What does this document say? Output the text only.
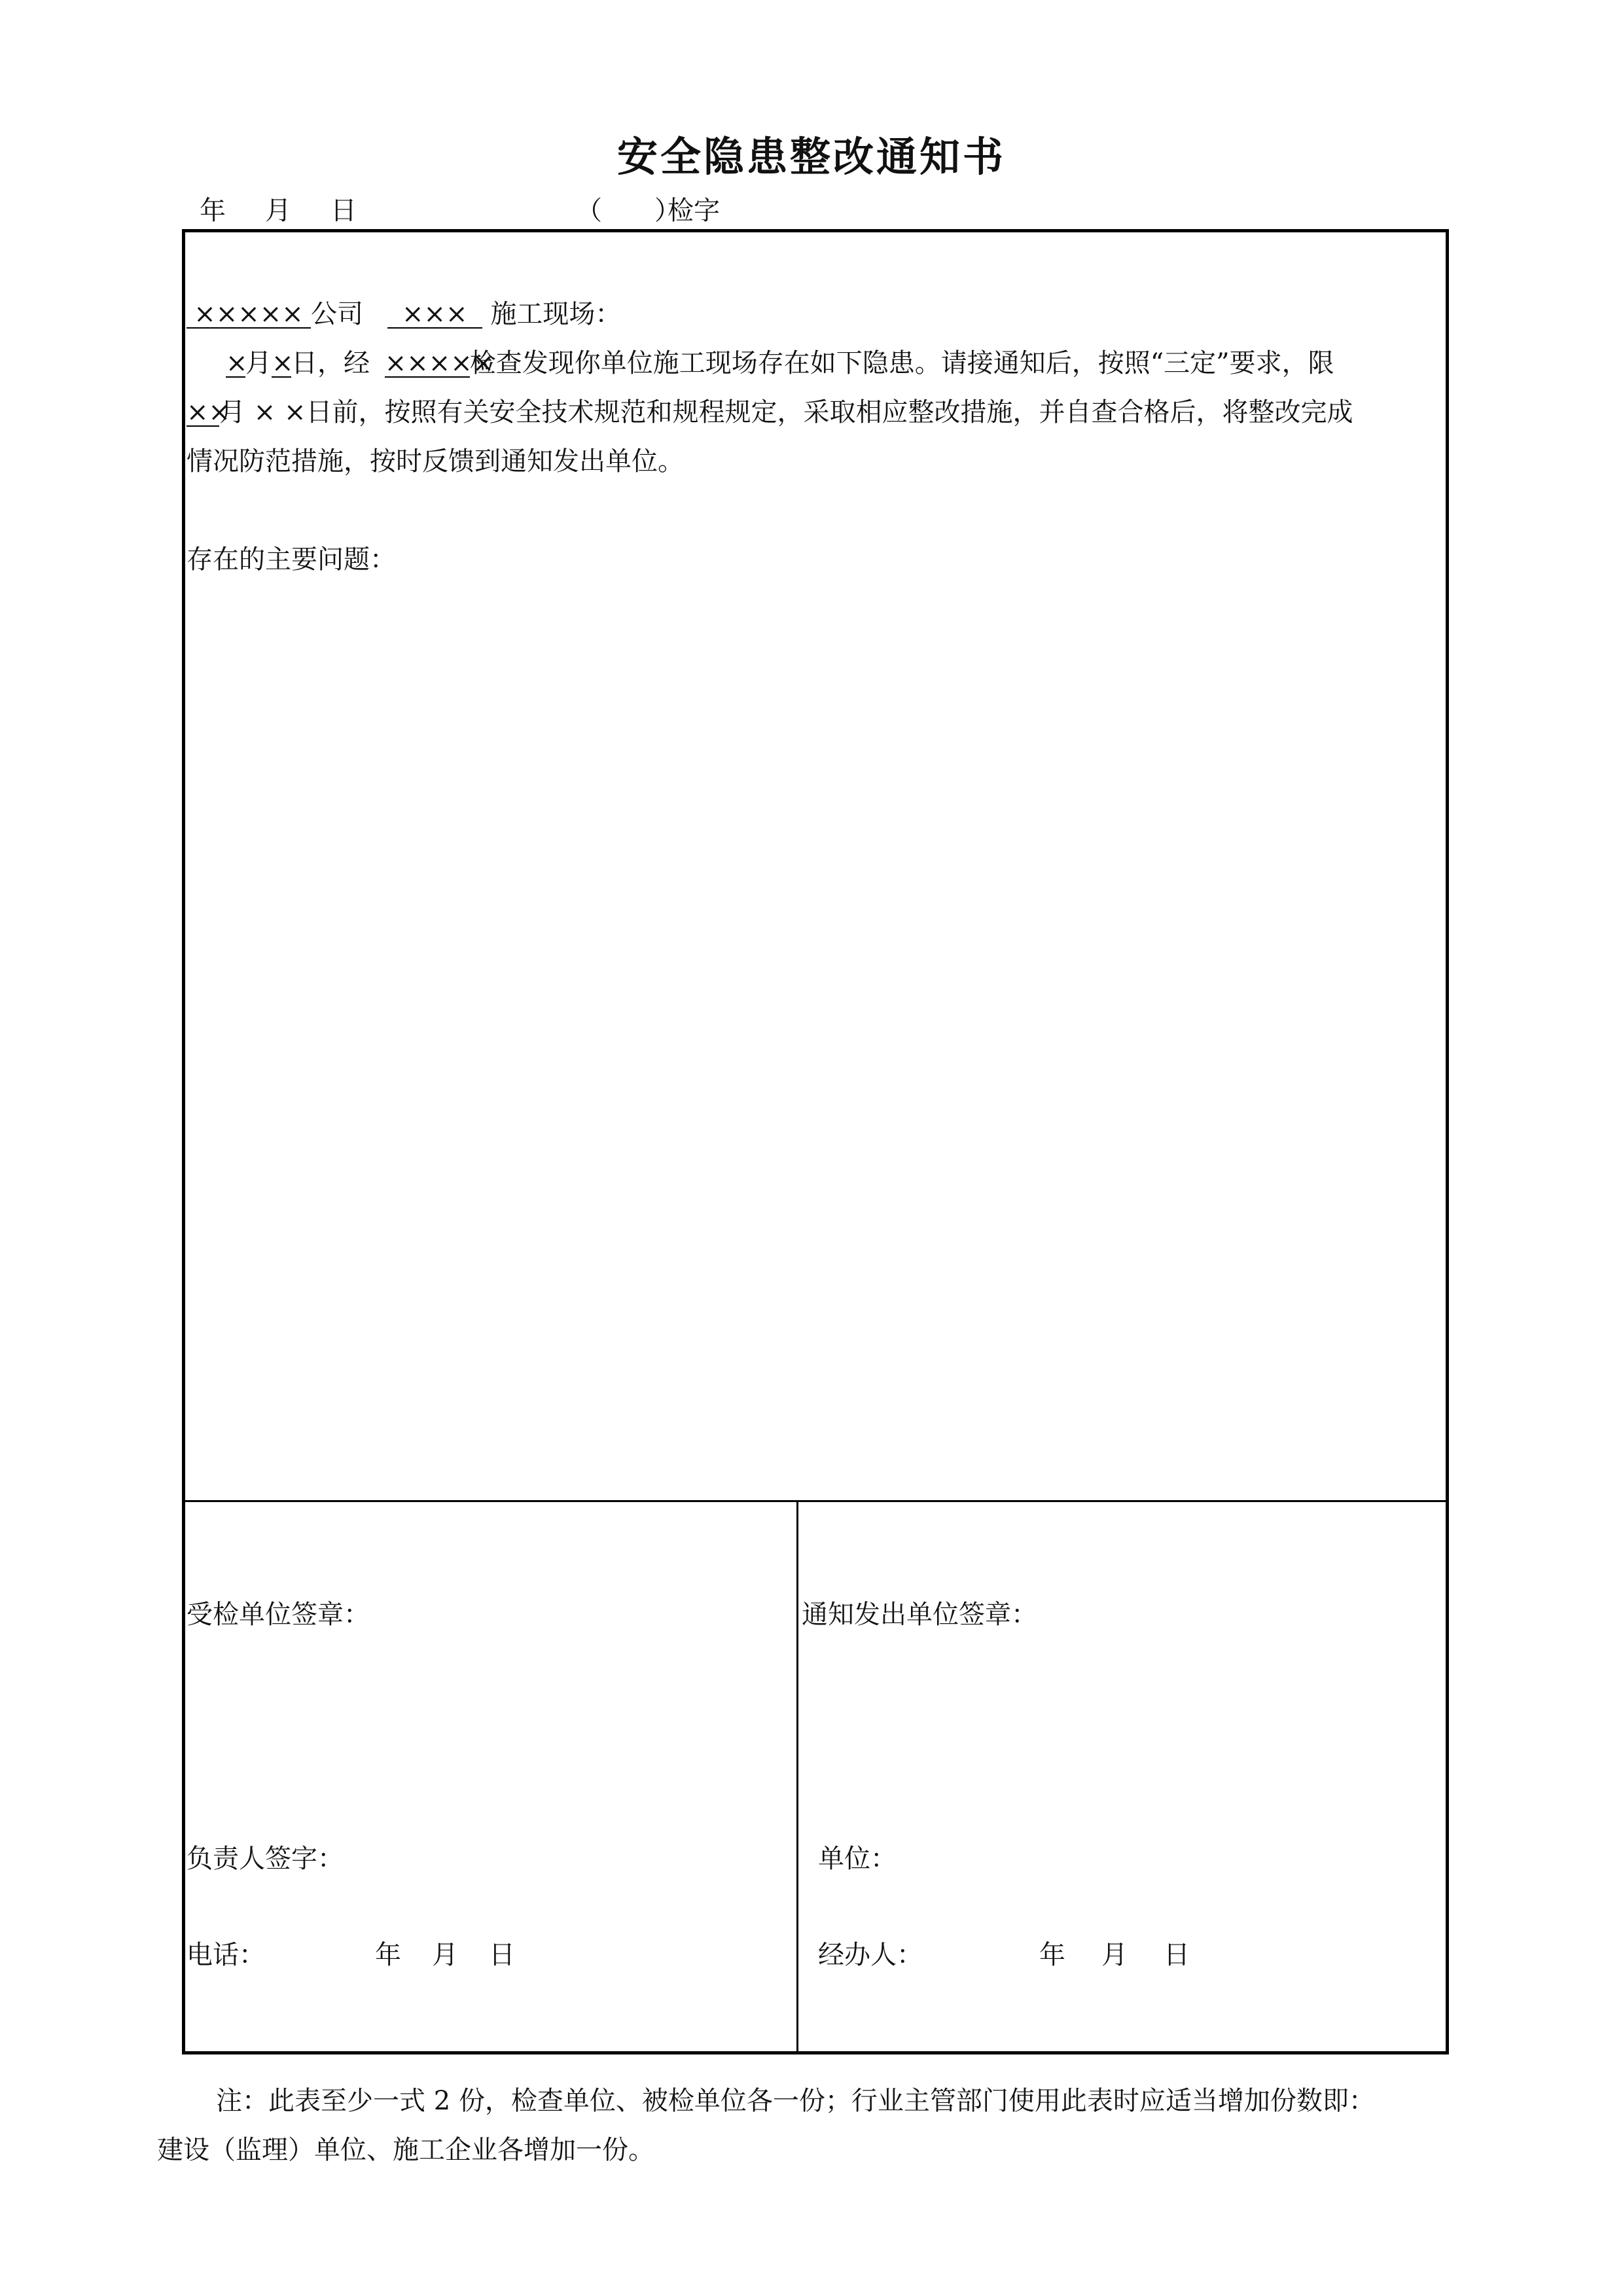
安全隐患整改通知书
年 月 日	（　　）
检字
××××× 公司 ××× 施工现场：
×月×日，经 ×××××检查发现你单位施工现场存在如下隐患。请接通知后，按照“三定”要求，限
××月 × ×日前，按照有关安全技术规范和规程规定，采取相应整改措施，并自查合格后，将整改完成
情况防范措施，按时反馈到通知发出单位。
存在的主要问题：
受检单位签章：
负责人签字：
电话：	年 月 日
通知发出单位签章：
单位：
经办人：	年 月 日
注：此表至少一式 2 份，检查单位、被检单位各一份；行业主管部门使用此表时应适当增加份数即：
建设（监理）单位、施工企业各增加一份。
